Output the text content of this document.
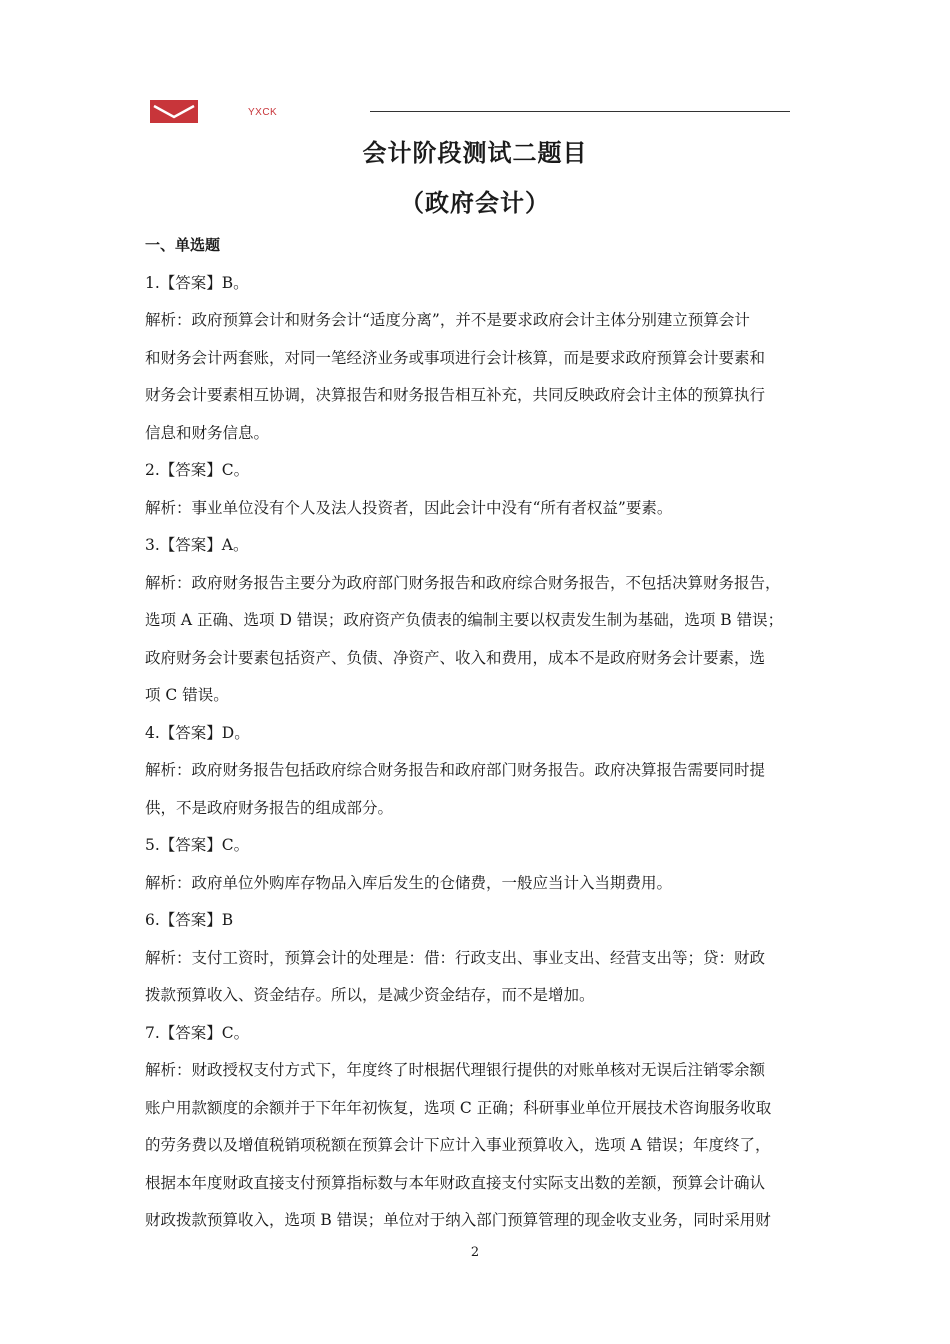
YXCK
会计阶段测试二题目
（政府会计）
一、单选题
1.【答案】B。
解析：政府预算会计和财务会计“适度分离”，并不是要求政府会计主体分别建立预算会计
和财务会计两套账，对同一笔经济业务或事项进行会计核算，而是要求政府预算会计要素和
财务会计要素相互协调，决算报告和财务报告相互补充，共同反映政府会计主体的预算执行
信息和财务信息。
2.【答案】C。
解析：事业单位没有个人及法人投资者，因此会计中没有“所有者权益”要素。
3.【答案】A。
解析：政府财务报告主要分为政府部门财务报告和政府综合财务报告，不包括决算财务报告，
选项 A 正确、选项 D 错误；政府资产负债表的编制主要以权责发生制为基础，选项 B 错误；
政府财务会计要素包括资产、负债、净资产、收入和费用，成本不是政府财务会计要素，选
项 C 错误。
4.【答案】D。
解析：政府财务报告包括政府综合财务报告和政府部门财务报告。政府决算报告需要同时提
供，不是政府财务报告的组成部分。
5.【答案】C。
解析：政府单位外购库存物品入库后发生的仓储费，一般应当计入当期费用。
6.【答案】B
解析：支付工资时，预算会计的处理是：借：行政支出、事业支出、经营支出等；贷：财政
拨款预算收入、资金结存。所以，是减少资金结存，而不是增加。
7.【答案】C。
解析：财政授权支付方式下，年度终了时根据代理银行提供的对账单核对无误后注销零余额
账户用款额度的余额并于下年年初恢复，选项 C 正确；科研事业单位开展技术咨询服务收取
的劳务费以及增值税销项税额在预算会计下应计入事业预算收入，选项 A 错误；年度终了，
根据本年度财政直接支付预算指标数与本年财政直接支付实际支出数的差额，预算会计确认
财政拨款预算收入，选项 B 错误；单位对于纳入部门预算管理的现金收支业务，同时采用财
2
